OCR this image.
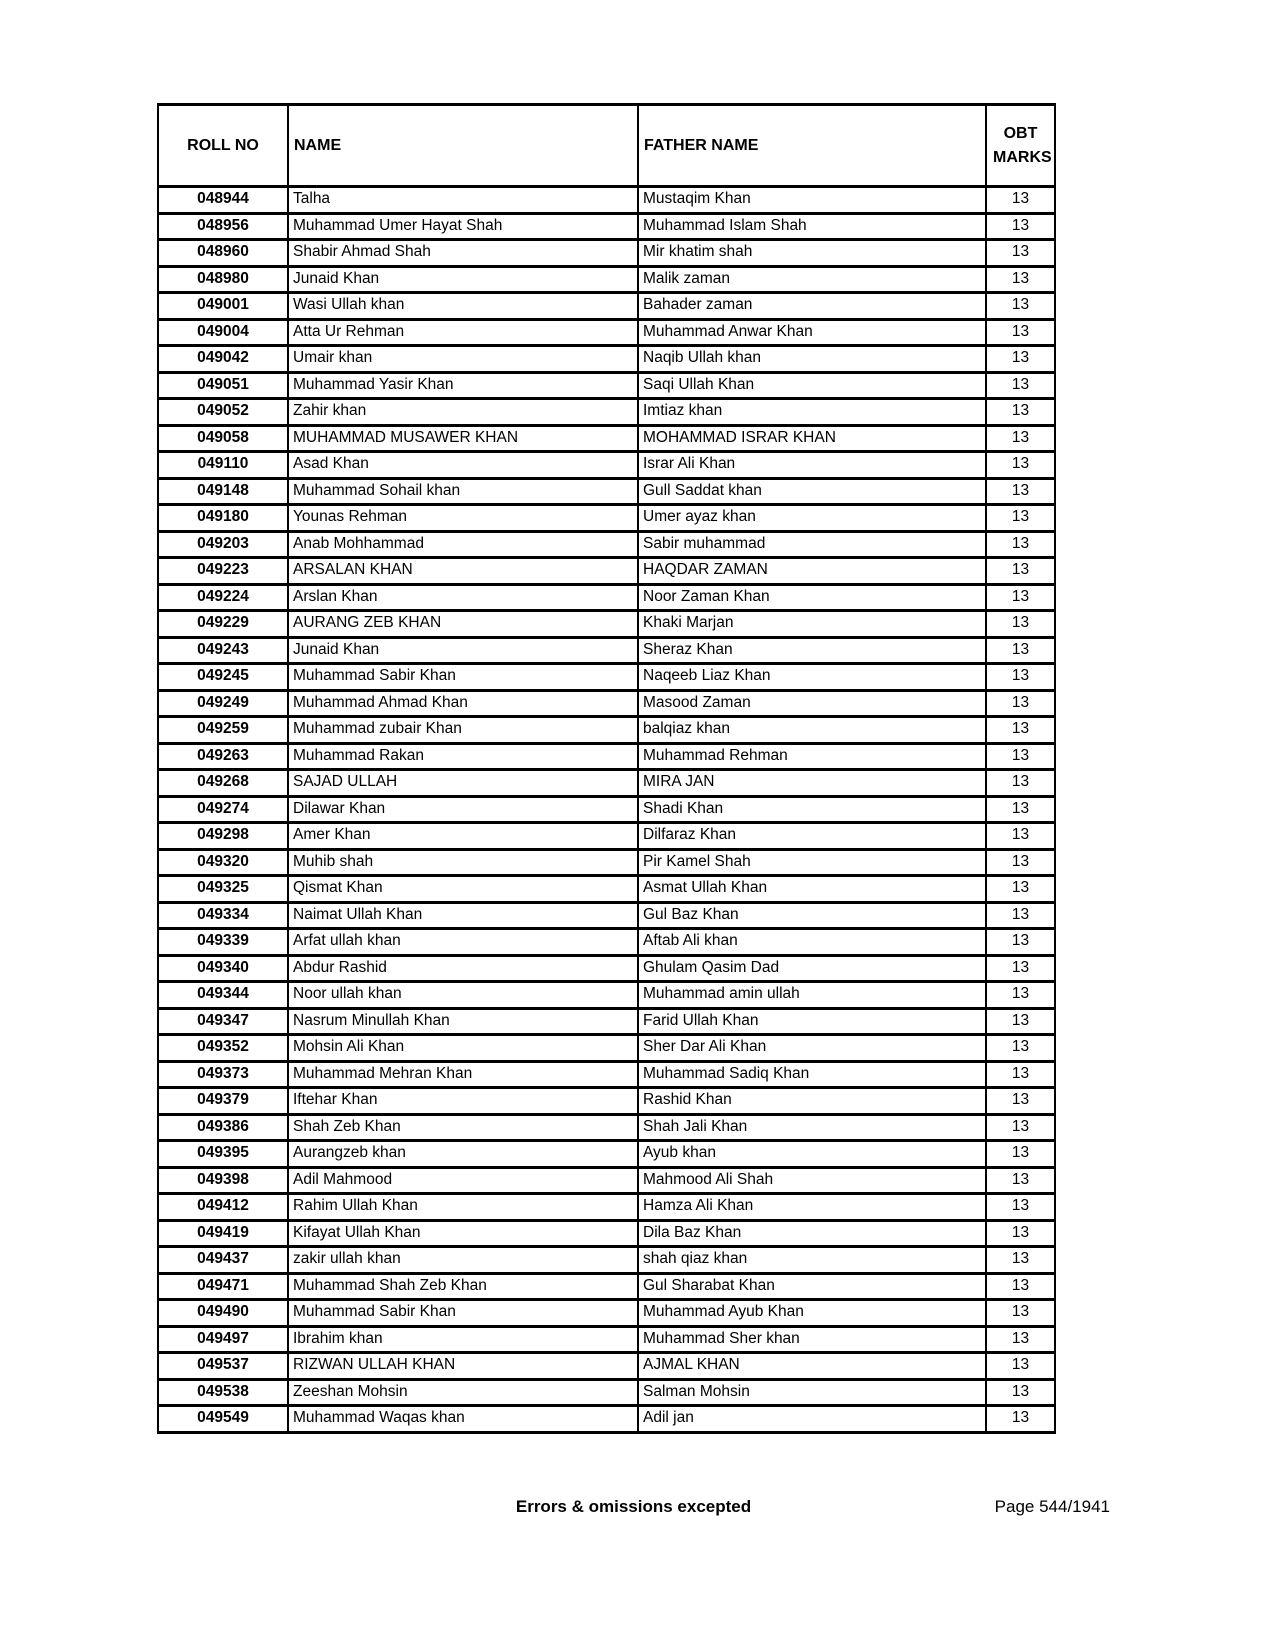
ROLL NO	NAME	FATHER NAME	OBT MARKS
048944	Talha	Mustaqim Khan	13
048956	Muhammad Umer Hayat Shah	Muhammad Islam Shah	13
048960	Shabir Ahmad Shah	Mir khatim shah	13
048980	Junaid Khan	Malik zaman	13
049001	Wasi Ullah khan	Bahader zaman	13
049004	Atta Ur Rehman	Muhammad Anwar Khan	13
049042	Umair khan	Naqib Ullah khan	13
049051	Muhammad Yasir Khan	Saqi Ullah Khan	13
049052	Zahir khan	Imtiaz khan	13
049058	MUHAMMAD MUSAWER KHAN	MOHAMMAD ISRAR KHAN	13
049110	Asad Khan	Israr Ali Khan	13
049148	Muhammad Sohail khan	Gull Saddat khan	13
049180	Younas Rehman	Umer ayaz khan	13
049203	Anab Mohhammad	Sabir muhammad	13
049223	ARSALAN KHAN	HAQDAR ZAMAN	13
049224	Arslan Khan	Noor Zaman Khan	13
049229	AURANG ZEB KHAN	Khaki Marjan	13
049243	Junaid Khan	Sheraz Khan	13
049245	Muhammad Sabir Khan	Naqeeb Liaz Khan	13
049249	Muhammad Ahmad Khan	Masood Zaman	13
049259	Muhammad zubair Khan	balqiaz khan	13
049263	Muhammad Rakan	Muhammad Rehman	13
049268	SAJAD ULLAH	MIRA JAN	13
049274	Dilawar Khan	Shadi Khan	13
049298	Amer Khan	Dilfaraz Khan	13
049320	Muhib shah	Pir Kamel Shah	13
049325	Qismat Khan	Asmat Ullah Khan	13
049334	Naimat Ullah Khan	Gul Baz Khan	13
049339	Arfat ullah khan	Aftab Ali khan	13
049340	Abdur Rashid	Ghulam Qasim Dad	13
049344	Noor ullah khan	Muhammad amin ullah	13
049347	Nasrum Minullah Khan	Farid Ullah Khan	13
049352	Mohsin Ali Khan	Sher Dar Ali Khan	13
049373	Muhammad Mehran Khan	Muhammad Sadiq Khan	13
049379	Iftehar Khan	Rashid Khan	13
049386	Shah Zeb Khan	Shah Jali Khan	13
049395	Aurangzeb khan	Ayub khan	13
049398	Adil Mahmood	Mahmood Ali Shah	13
049412	Rahim Ullah Khan	Hamza Ali Khan	13
049419	Kifayat Ullah Khan	Dila Baz Khan	13
049437	zakir ullah khan	shah qiaz khan	13
049471	Muhammad Shah Zeb Khan	Gul Sharabat Khan	13
049490	Muhammad Sabir Khan	Muhammad Ayub Khan	13
049497	Ibrahim khan	Muhammad Sher khan	13
049537	RIZWAN ULLAH KHAN	AJMAL KHAN	13
049538	Zeeshan Mohsin	Salman Mohsin	13
049549	Muhammad Waqas khan	Adil jan	13
Errors & omissions excepted	Page 544/1941
